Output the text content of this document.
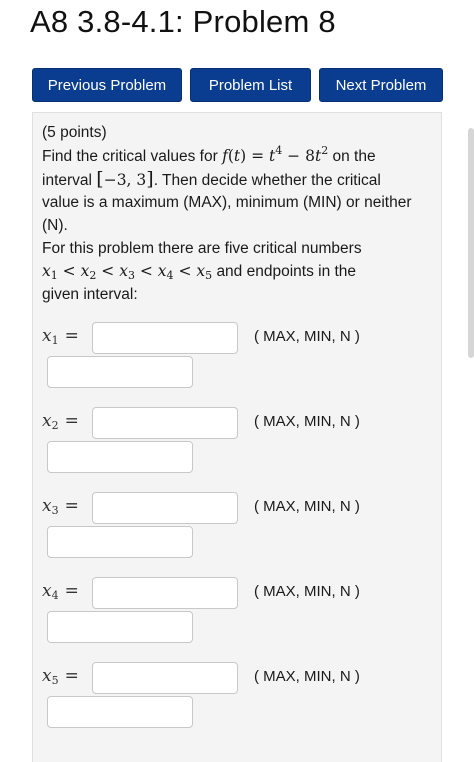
A8 3.8-4.1: Problem 8
Previous Problem	Problem List	Next Problem
(5 points)
Find the critical values for $f(t) = t^4 - 8t^2$ on the
interval [−3, 3]. Then decide whether the critical
value is a maximum (MAX), minimum (MIN) or neither
(N).
For this problem there are five critical numbers
$x_1 < x_2 < x_3 < x_4 < x_5$ and endpoints in the
given interval:
$x_1$ =	( MAX, MIN, N )
$x_2$ =	( MAX, MIN, N )
$x_3$ =	( MAX, MIN, N )
$x_4$ =	( MAX, MIN, N )
$x_5$ =	( MAX, MIN, N )
